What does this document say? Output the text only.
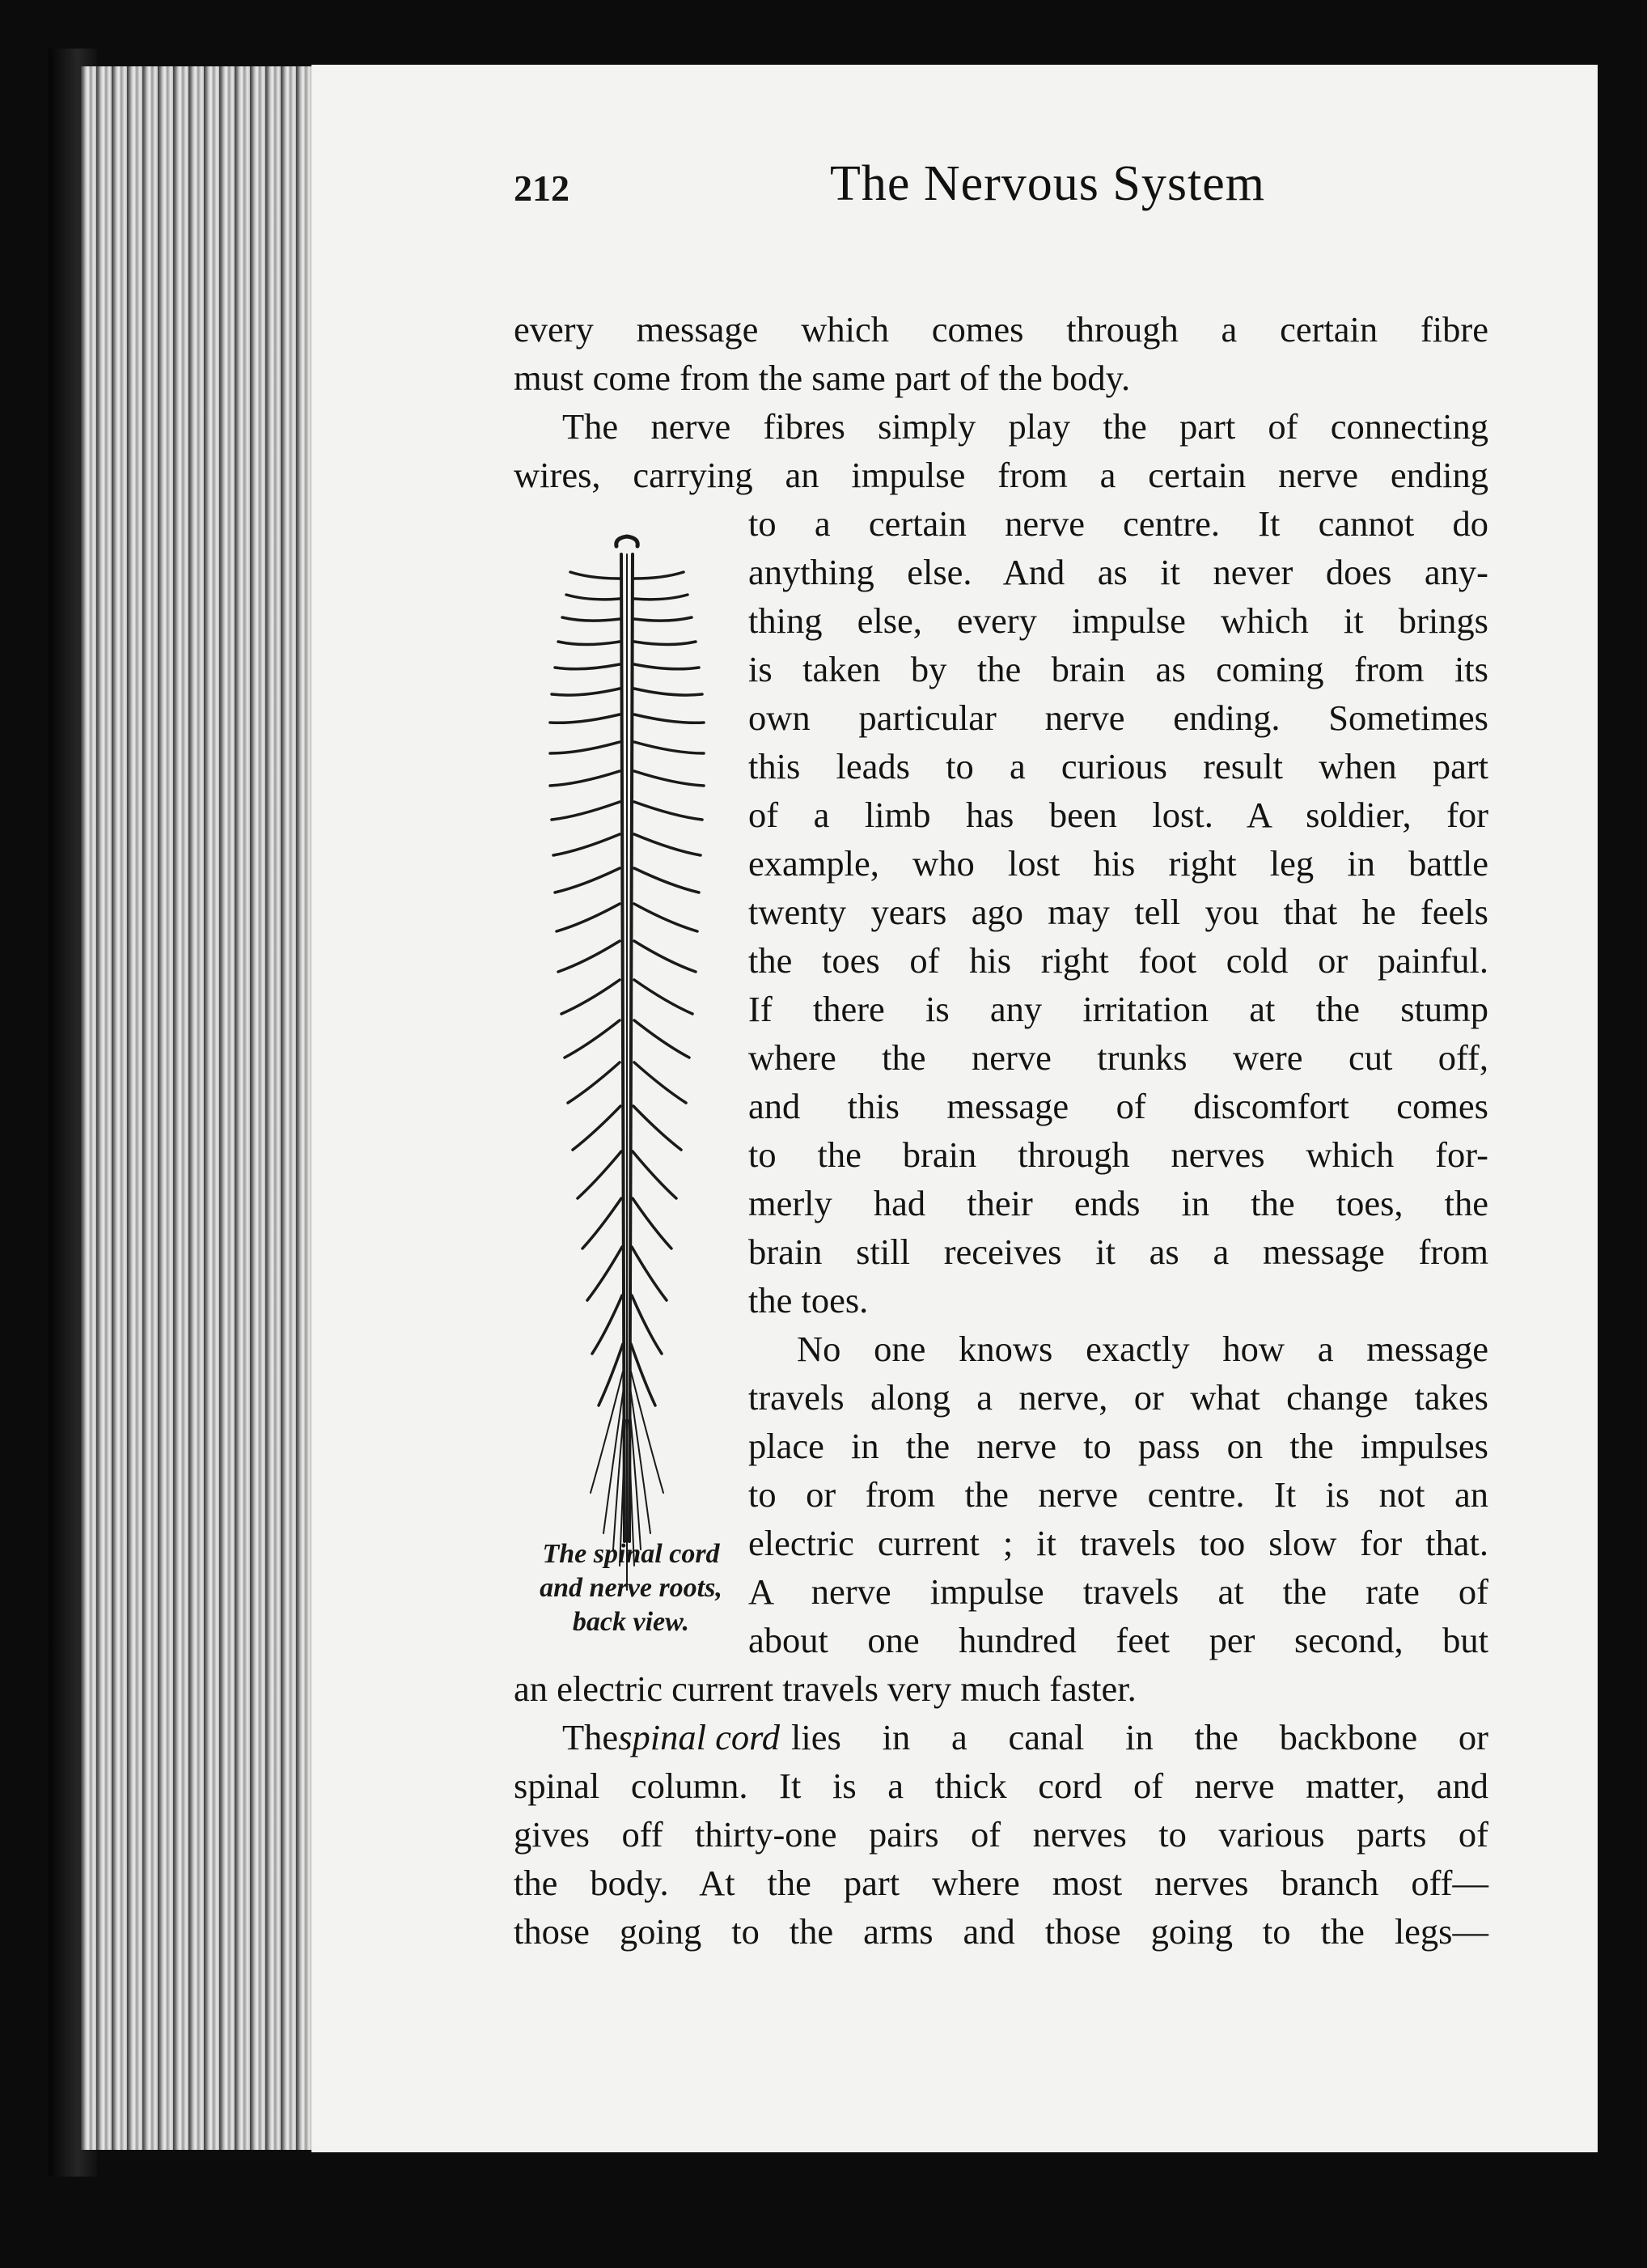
212	The Nervous System
The spinal cord
and nerve roots,
back view.
every message which comes through a certain fibre
must come from the same part of the body.
The nerve fibres simply play the part of connecting
wires, carrying an impulse from a certain nerve ending
to a certain nerve centre. It cannot do
anything else. And as it never does any-
thing else, every impulse which it brings
is taken by the brain as coming from its
own particular nerve ending. Sometimes
this leads to a curious result when part
of a limb has been lost. A soldier, for
example, who lost his right leg in battle
twenty years ago may tell you that he feels
the toes of his right foot cold or painful.
If there is any irritation at the stump
where the nerve trunks were cut off,
and this message of discomfort comes
to the brain through nerves which for-
merly had their ends in the toes, the
brain still receives it as a message from
the toes.
No one knows exactly how a message
travels along a nerve, or what change takes
place in the nerve to pass on the impulses
to or from the nerve centre. It is not an
electric current ; it travels too slow for that.
A nerve impulse travels at the rate of
about one hundred feet per second, but
an electric current travels very much faster.
The spinal cord lies in a canal in the backbone or
spinal column. It is a thick cord of nerve matter, and
gives off thirty-one pairs of nerves to various parts of
the body. At the part where most nerves branch off—
those going to the arms and those going to the legs—
